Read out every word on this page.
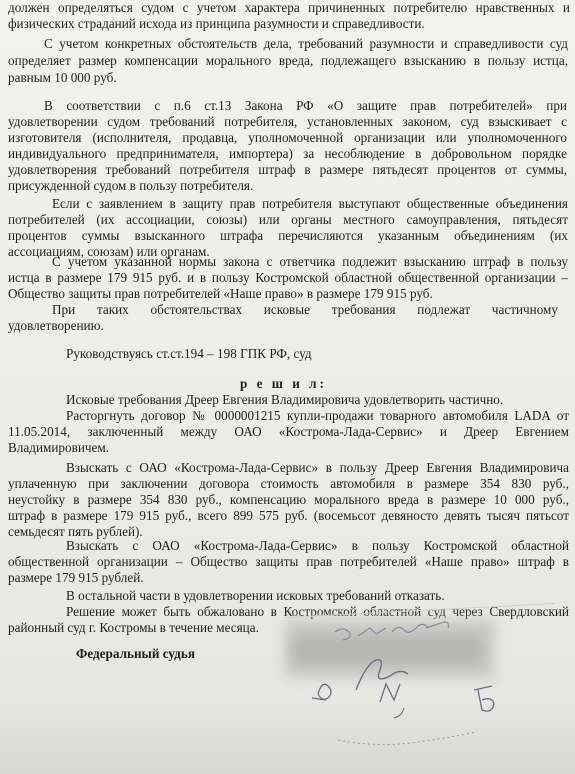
должен определяться судом с учетом характера причиненных потребителю нравственных и
физических страданий исхода из принципа разумности и справедливости.
С учетом конкретных обстоятельств дела, требований разумности и справедливости суд
определяет размер компенсации морального вреда, подлежащего взысканию в пользу истца,
равным 10 000 руб.
В соответствии с п.6 ст.13 Закона РФ «О защите прав потребителей» при
удовлетворении судом требований потребителя, установленных законом, суд взыскивает с
изготовителя (исполнителя, продавца, уполномоченной организации или уполномоченного
индивидуального предпринимателя, импортера) за несоблюдение в добровольном порядке
удовлетворения требований потребителя штраф в размере пятьдесят процентов от суммы,
присужденной судом в пользу потребителя.
Если с заявлением в защиту прав потребителя выступают общественные объединения
потребителей (их ассоциации, союзы) или органы местного самоуправления, пятьдесят
процентов суммы взысканного штрафа перечисляются указанным объединениям (их
ассоциациям, союзам) или органам.
С учетом указанной нормы закона с ответчика подлежит взысканию штраф в пользу
истца в размере 179 915 руб. и в пользу Костромской областной общественной организации –
Общество защиты прав потребителей «Наше право» в размере 179 915 руб.
При таких обстоятельствах исковые требования подлежат частичному
удовлетворению.
Руководствуясь ст.ст.194 – 198 ГПК РФ, суд
р е ш и л:
Исковые требования Дреер Евгения Владимировича удовлетворить частично.
Расторгнуть договор № 0000001215 купли-продажи товарного автомобиля LADA от
11.05.2014, заключенный между ОАО «Кострома-Лада-Сервис» и Дреер Евгением
Владимировичем.
Взыскать с ОАО «Кострома-Лада-Сервис» в пользу Дреер Евгения Владимировича
уплаченную при заключении договора стоимость автомобиля в размере 354 830 руб.,
неустойку в размере 354 830 руб., компенсацию морального вреда в размере 10 000 руб.,
штраф в размере 179 915 руб., всего 899 575 руб. (восемьсот девяносто девять тысяч пятьсот
семьдесят пять рублей).
Взыскать с ОАО «Кострома-Лада-Сервис» в пользу Костромской областной
общественной организации – Общество защиты прав потребителей «Наше право» штраф в
размере 179 915 рублей.
В остальной части в удовлетворении исковых требований отказать.
Решение может быть обжаловано в Костромской областной суд через Свердловский
районный суд г. Костромы в течение месяца.
Федеральный судья
